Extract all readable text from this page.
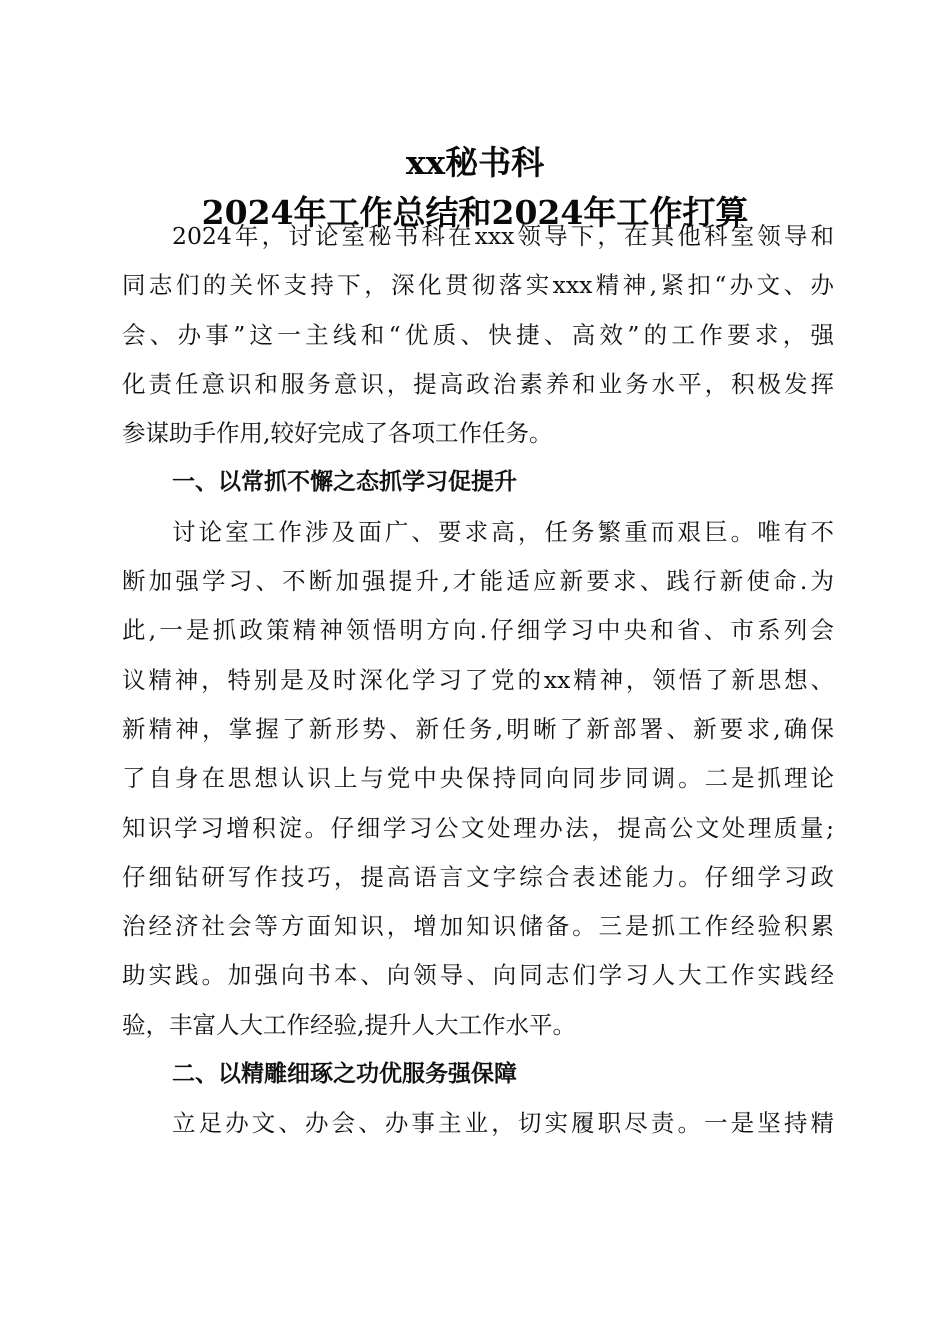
xx秘书科
2024年工作总结和2024年工作打算
2024年，讨论室秘书科在xxx领导下，在其他科室领导和
同志们的关怀支持下，深化贯彻落实xxx精神,紧扣“办文、办
会、办事”这一主线和“优质、快捷、高效”的工作要求，强
化责任意识和服务意识，提高政治素养和业务水平，积极发挥
参谋助手作用,较好完成了各项工作任务。
一、以常抓不懈之态抓学习促提升
讨论室工作涉及面广、要求高，任务繁重而艰巨。唯有不
断加强学习、不断加强提升,才能适应新要求、践行新使命.为
此,一是抓政策精神领悟明方向.仔细学习中央和省、市系列会
议精神，特别是及时深化学习了党的xx精神，领悟了新思想、
新精神，掌握了新形势、新任务,明晰了新部署、新要求,确保
了自身在思想认识上与党中央保持同向同步同调。二是抓理论
知识学习增积淀。仔细学习公文处理办法，提高公文处理质量;
仔细钻研写作技巧，提高语言文字综合表述能力。仔细学习政
治经济社会等方面知识，增加知识储备。三是抓工作经验积累
助实践。加强向书本、向领导、向同志们学习人大工作实践经
验，丰富人大工作经验,提升人大工作水平。
二、以精雕细琢之功优服务强保障
立足办文、办会、办事主业，切实履职尽责。一是坚持精
